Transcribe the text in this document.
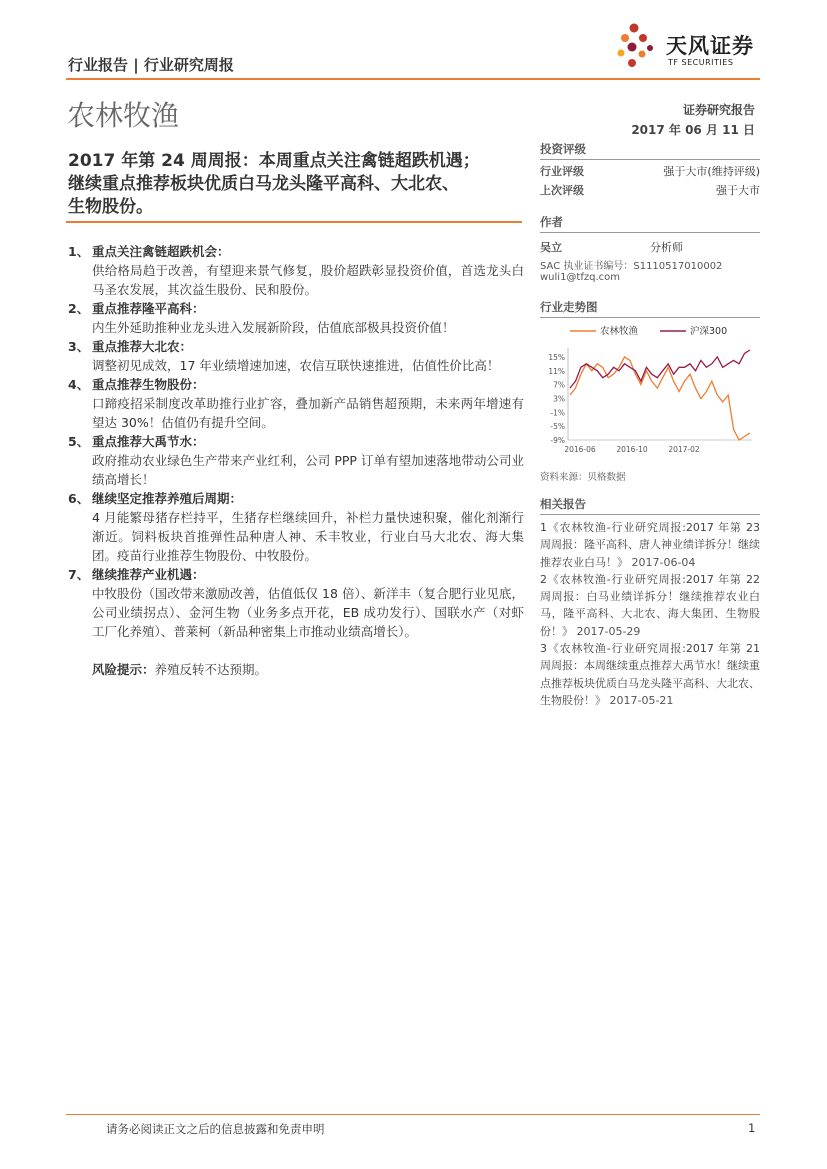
行业报告 | 行业研究周报
天风证券
TF SECURITIES
农林牧渔	证券研究报告
2017 年 06 月 11 日
2017 年第 24 周周报：本周重点关注禽链超跌机遇；
继续重点推荐板块优质白马龙头隆平高科、大北农、
生物股份。
1、 重点关注禽链超跌机会：
供给格局趋于改善，有望迎来景气修复，股价超跌彰显投资价值，首选龙头白马圣农发展，其次益生股份、民和股份。
2、 重点推荐隆平高科：
内生外延助推种业龙头进入发展新阶段，估值底部极具投资价值！
3、 重点推荐大北农：
调整初见成效，17 年业绩增速加速，农信互联快速推进，估值性价比高！
4、 重点推荐生物股份：
口蹄疫招采制度改革助推行业扩容，叠加新产品销售超预期，未来两年增速有望达 30%！估值仍有提升空间。
5、 重点推荐大禹节水：
政府推动农业绿色生产带来产业红利，公司 PPP 订单有望加速落地带动公司业绩高增长！
6、 继续坚定推荐养殖后周期：
4 月能繁母猪存栏持平，生猪存栏继续回升，补栏力量快速积聚，催化剂渐行渐近。饲料板块首推弹性品种唐人神、禾丰牧业，行业白马大北农、海大集团。疫苗行业推荐生物股份、中牧股份。
7、 继续推荐产业机遇：
中牧股份（国改带来激励改善，估值低仅 18 倍）、新洋丰（复合肥行业见底，公司业绩拐点）、金河生物（业务多点开花，EB 成功发行）、国联水产（对虾工厂化养殖）、普莱柯（新品种密集上市推动业绩高增长）。
风险提示：养殖反转不达预期。
投资评级
行业评级	强于大市(维持评级)
上次评级	强于大市
作者
吴立	分析师
SAC 执业证书编号：S1110517010002
wuli1@tfzq.com
行业走势图
农林牧渔	沪深300
15%
11%
7%
3%
-1%
-5%
-9%
2016-06	2016-10	2017-02
资料来源：贝格数据
相关报告
1《农林牧渔-行业研究周报:2017 年第 23 周周报：隆平高科、唐人神业绩详拆分！继续推荐农业白马！》 2017-06-04
2《农林牧渔-行业研究周报:2017 年第 22 周周报：白马业绩详拆分！继续推荐农业白马，隆平高科、大北农、海大集团、生物股份！》 2017-05-29
3《农林牧渔-行业研究周报:2017 年第 21 周周报：本周继续重点推荐大禹节水！继续重点推荐板块优质白马龙头隆平高科、大北农、生物股份！》 2017-05-21
请务必阅读正文之后的信息披露和免责申明	1
